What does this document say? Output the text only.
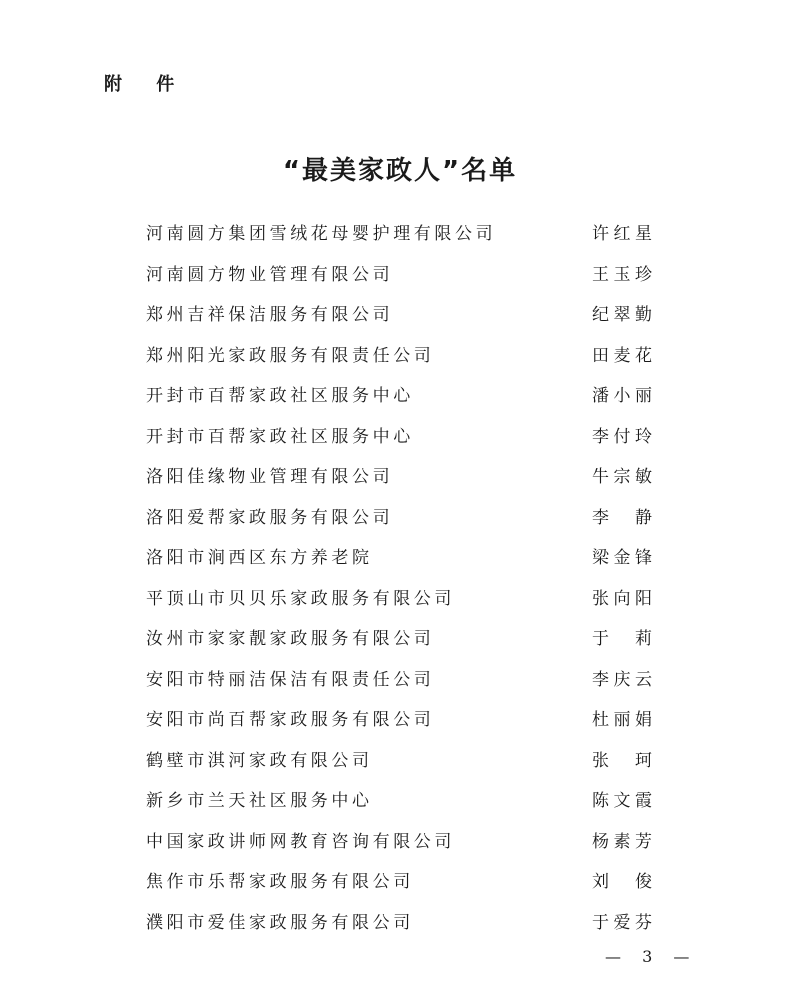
附 件
“最美家政人”名单
河南圆方集团雪绒花母婴护理有限公司	许红星
河南圆方物业管理有限公司	王玉珍
郑州吉祥保洁服务有限公司	纪翠勤
郑州阳光家政服务有限责任公司	田麦花
开封市百帮家政社区服务中心	潘小丽
开封市百帮家政社区服务中心	李付玲
洛阳佳缘物业管理有限公司	牛宗敏
洛阳爱帮家政服务有限公司	李 静
洛阳市涧西区东方养老院	梁金锋
平顶山市贝贝乐家政服务有限公司	张向阳
汝州市家家靓家政服务有限公司	于 莉
安阳市特丽洁保洁有限责任公司	李庆云
安阳市尚百帮家政服务有限公司	杜丽娟
鹤壁市淇河家政有限公司	张 珂
新乡市兰天社区服务中心	陈文霞
中国家政讲师网教育咨询有限公司	杨素芳
焦作市乐帮家政服务有限公司	刘 俊
濮阳市爱佳家政服务有限公司	于爱芬
— 3 —
